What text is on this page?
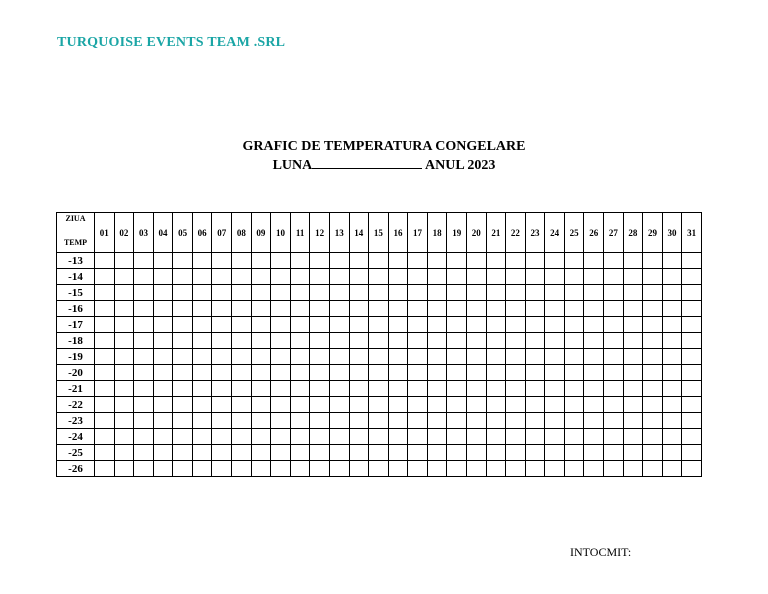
TURQUOISE EVENTS TEAM .SRL
GRAFIC DE TEMPERATURA CONGELARE
LUNA	ANUL 2023
ZIUA
TEMP	01	02	03	04	05	06	07	08	09	10	11	12	13	14	15	16	17	18	19	20	21	22	23	24	25	26	27	28	29	30	31
-13																															
-14																															
-15																															
-16																															
-17																															
-18																															
-19																															
-20																															
-21																															
-22																															
-23																															
-24																															
-25																															
-26																															
INTOCMIT:
